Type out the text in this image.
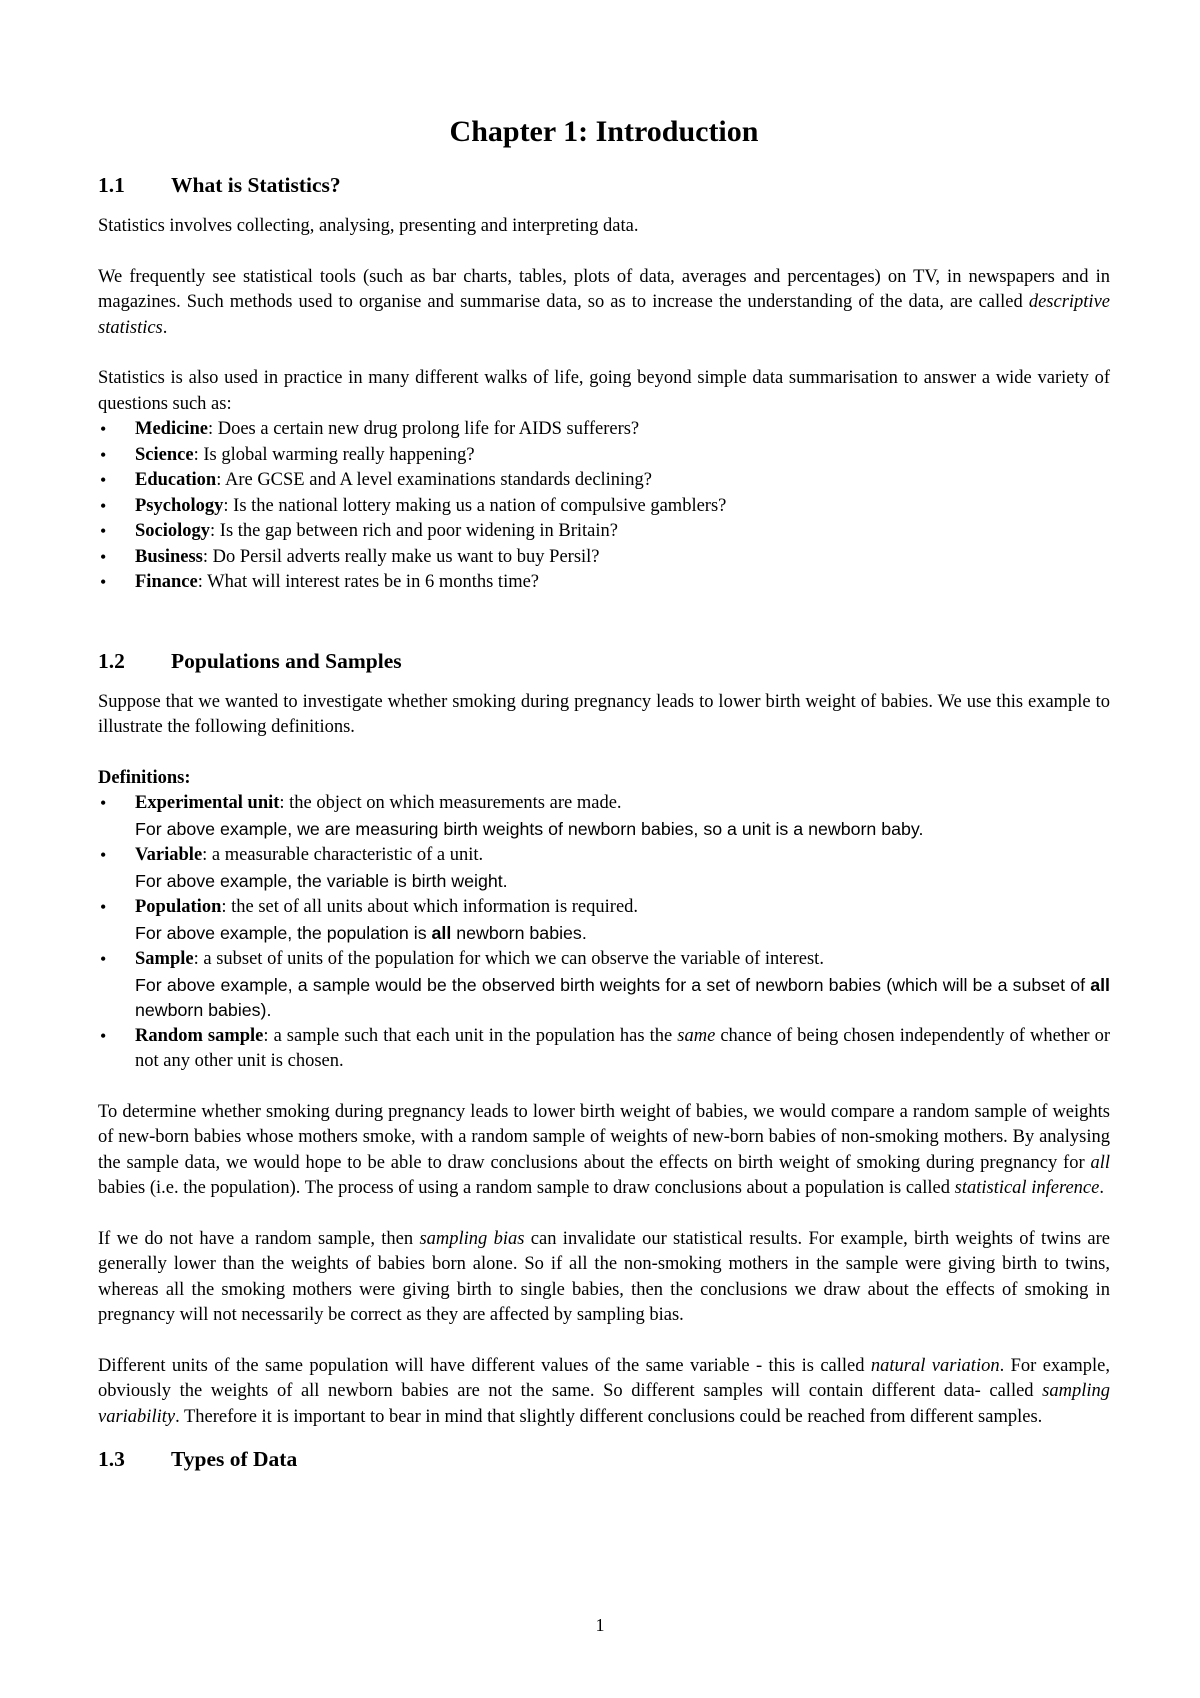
Chapter 1: Introduction
1.1	What is Statistics?

Statistics involves collecting, analysing, presenting and interpreting data.

We frequently see statistical tools (such as bar charts, tables, plots of data, averages and percentages) on TV, in newspapers and in magazines. Such methods used to organise and summarise data, so as to increase the understanding of the data, are called descriptive statistics.

Statistics is also used in practice in many different walks of life, going beyond simple data summarisation to answer a wide variety of questions such as:

• Medicine: Does a certain new drug prolong life for AIDS sufferers?
• Science: Is global warming really happening?
• Education: Are GCSE and A level examinations standards declining?
• Psychology: Is the national lottery making us a nation of compulsive gamblers?
• Sociology: Is the gap between rich and poor widening in Britain?
• Business: Do Persil adverts really make us want to buy Persil?
• Finance: What will interest rates be in 6 months time?
1.2	Populations and Samples

Suppose that we wanted to investigate whether smoking during pregnancy leads to lower birth weight of babies. We use this example to illustrate the following definitions.

Definitions:

• Experimental unit: the object on which measurements are made.
For above example, we are measuring birth weights of newborn babies, so a unit is a newborn baby.
• Variable: a measurable characteristic of a unit.
For above example, the variable is birth weight.
• Population: the set of all units about which information is required.
For above example, the population is all newborn babies.
• Sample: a subset of units of the population for which we can observe the variable of interest.
For above example, a sample would be the observed birth weights for a set of newborn babies (which will be a subset of all newborn babies).
• Random sample: a sample such that each unit in the population has the same chance of being chosen independently of whether or not any other unit is chosen.

To determine whether smoking during pregnancy leads to lower birth weight of babies, we would compare a random sample of weights of new-born babies whose mothers smoke, with a random sample of weights of new-born babies of non-smoking mothers. By analysing the sample data, we would hope to be able to draw conclusions about the effects on birth weight of smoking during pregnancy for all babies (i.e. the population). The process of using a random sample to draw conclusions about a population is called statistical inference.

If we do not have a random sample, then sampling bias can invalidate our statistical results. For example, birth weights of twins are generally lower than the weights of babies born alone. So if all the non-smoking mothers in the sample were giving birth to twins, whereas all the smoking mothers were giving birth to single babies, then the conclusions we draw about the effects of smoking in pregnancy will not necessarily be correct as they are affected by sampling bias.

Different units of the same population will have different values of the same variable - this is called natural variation. For example, obviously the weights of all newborn babies are not the same. So different samples will contain different data- called sampling variability. Therefore it is important to bear in mind that slightly different conclusions could be reached from different samples.

1.3	Types of Data
1
